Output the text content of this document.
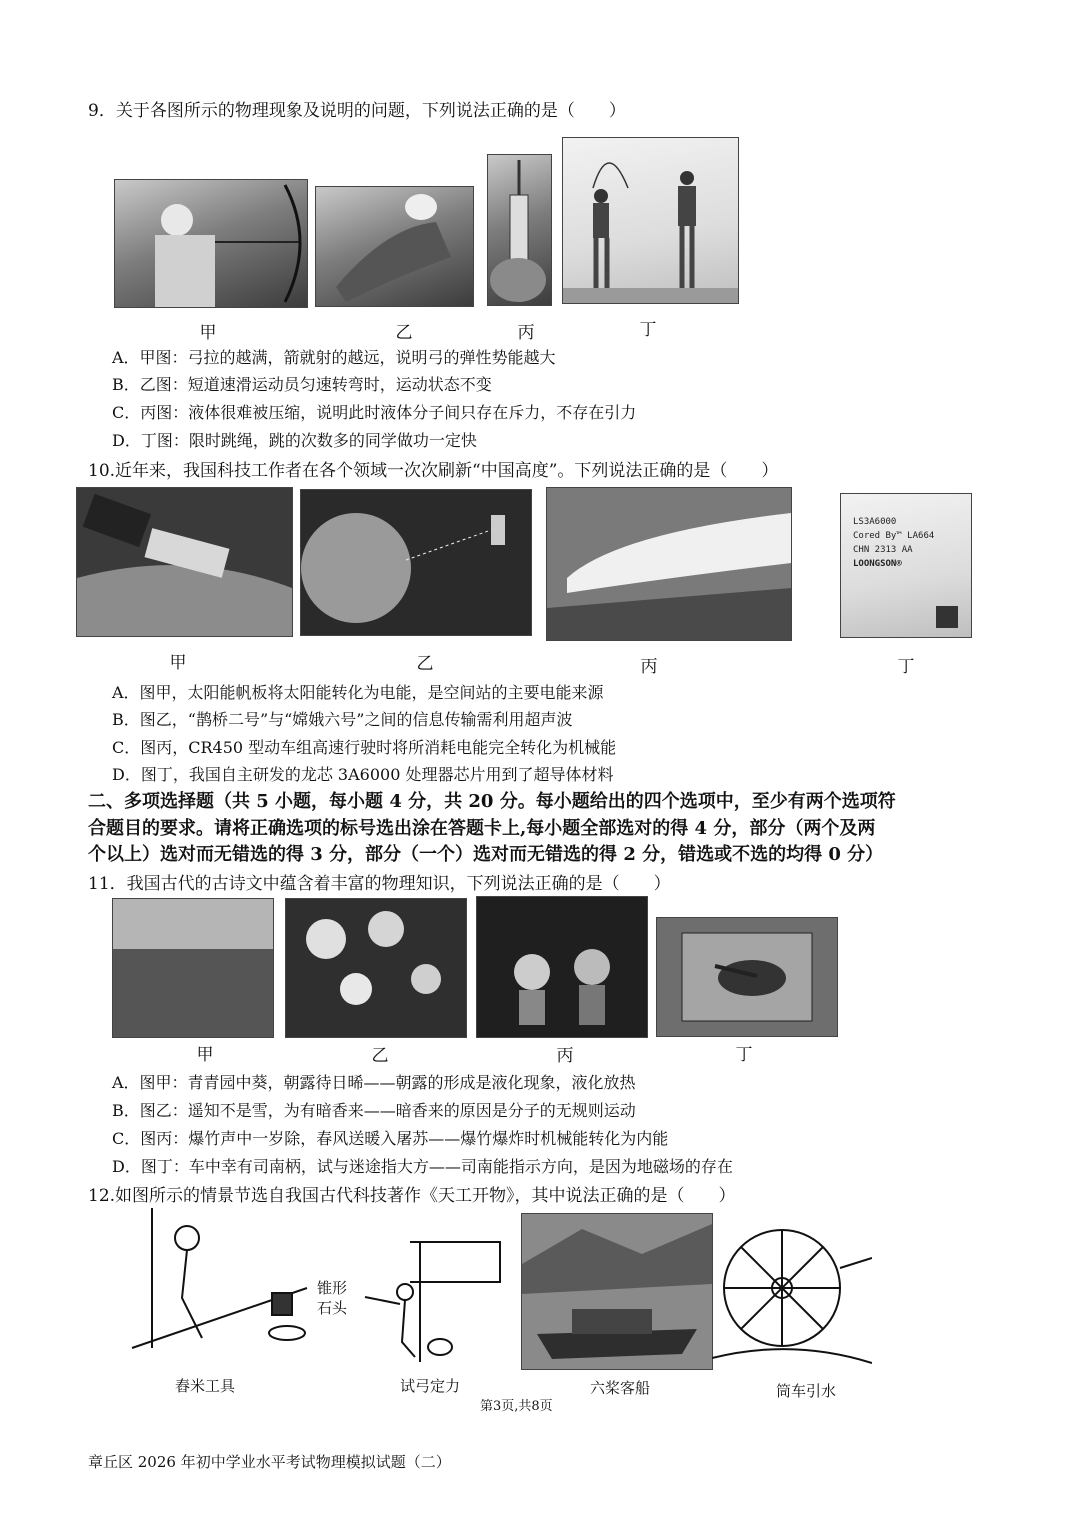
9．关于各图所示的物理现象及说明的问题，下列说法正确的是（　　）
甲	乙	丙	丁
A．甲图：弓拉的越满，箭就射的越远，说明弓的弹性势能越大
B．乙图：短道速滑运动员匀速转弯时，运动状态不变
C．丙图：液体很难被压缩，说明此时液体分子间只存在斥力，不存在引力
D．丁图：限时跳绳，跳的次数多的同学做功一定快
10.近年来，我国科技工作者在各个领域一次次刷新“中国高度”。下列说法正确的是（　　）
LS3A6000
Cored By™ LA664
CHN 2313 AA
LOONGSON®
甲	乙	丙	丁
A．图甲，太阳能帆板将太阳能转化为电能，是空间站的主要电能来源
B．图乙，“鹊桥二号”与“嫦娥六号”之间的信息传输需利用超声波
C．图丙，CR450 型动车组高速行驶时将所消耗电能完全转化为机械能
D．图丁，我国自主研发的龙芯 3A6000 处理器芯片用到了超导体材料
二、多项选择题（共 5 小题，每小题 4 分，共 20 分。每小题给出的四个选项中，至少有两个选项符
合题目的要求。请将正确选项的标号选出涂在答题卡上,每小题全部选对的得 4 分，部分（两个及两
个以上）选对而无错选的得 3 分，部分（一个）选对而无错选的得 2 分，错选或不选的均得 0 分）
11．我国古代的古诗文中蕴含着丰富的物理知识，下列说法正确的是（　　）
甲	乙	丙	丁
A．图甲：青青园中葵，朝露待日晞——朝露的形成是液化现象，液化放热
B．图乙：遥知不是雪，为有暗香来——暗香来的原因是分子的无规则运动
C．图丙：爆竹声中一岁除，春风送暖入屠苏——爆竹爆炸时机械能转化为内能
D．图丁：车中幸有司南柄，试与迷途指大方——司南能指示方向，是因为地磁场的存在
12.如图所示的情景节选自我国古代科技著作《天工开物》，其中说法正确的是（　　）
锥形
石头
舂米工具	试弓定力	六桨客船	筒车引水
第3页,共8页
章丘区 2026 年初中学业水平考试物理模拟试题（二）
